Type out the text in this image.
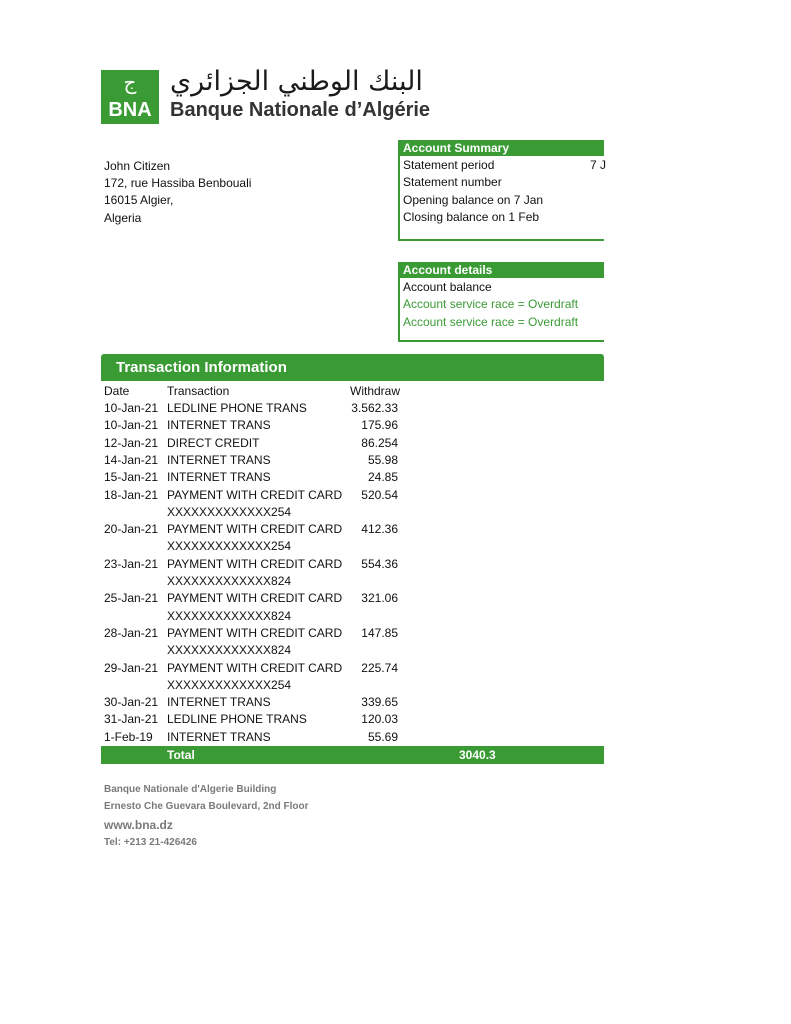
ج
BNA
البنك الوطني الجزائري
Banque Nationale d’Algérie
John Citizen
172, rue Hassiba Benbouali
16015 Algier,
Algeria
Account Summary
Statement period	7 J
Statement number
Opening balance on 7 Jan
Closing balance on 1 Feb
Account details
Account balance
Account service race = Overdraft
Account service race = Overdraft
Transaction Information
Date	Transaction	Withdraw
10-Jan-21 LEDLINE PHONE TRANS	3.562.33
10-Jan-21 INTERNET TRANS	175.96
12-Jan-21 DIRECT CREDIT	86.254
14-Jan-21 INTERNET TRANS	55.98
15-Jan-21 INTERNET TRANS	24.85
18-Jan-21 PAYMENT WITH CREDIT CARD	520.54
XXXXXXXXXXXXX254
20-Jan-21 PAYMENT WITH CREDIT CARD	412.36
XXXXXXXXXXXXX254
23-Jan-21 PAYMENT WITH CREDIT CARD	554.36
XXXXXXXXXXXXX824
25-Jan-21 PAYMENT WITH CREDIT CARD	321.06
XXXXXXXXXXXXX824
28-Jan-21 PAYMENT WITH CREDIT CARD	147.85
XXXXXXXXXXXXX824
29-Jan-21 PAYMENT WITH CREDIT CARD	225.74
XXXXXXXXXXXXX254
30-Jan-21 INTERNET TRANS	339.65
31-Jan-21 LEDLINE PHONE TRANS	120.03
1-Feb-19 INTERNET TRANS	55.69
Total	3040.3
Banque Nationale d'Algerie Building
Ernesto Che Guevara Boulevard, 2nd Floor
www.bna.dz
Tel: +213 21-426426
